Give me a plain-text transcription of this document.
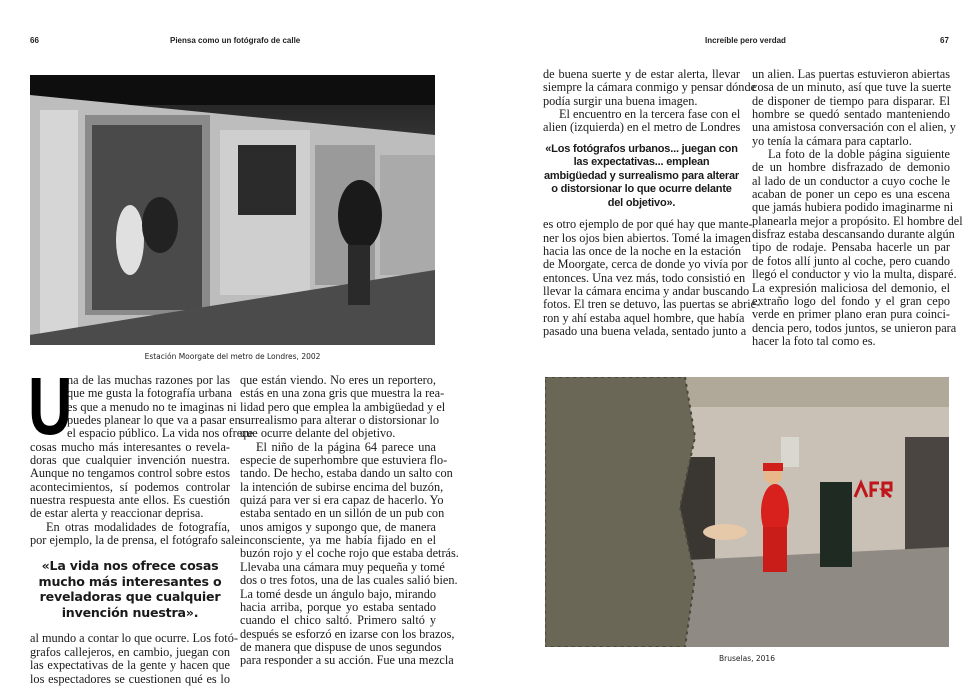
66	Piensa como un fotógrafo de calle
Estación Moorgate del metro de Londres, 2002
U
na de las muchas razones por las
que me gusta la fotografía urbana
es que a menudo no te imaginas ni
puedes planear lo que va a pasar en
el espacio público. La vida nos ofrece
cosas mucho más interesantes o revela-
doras que cualquier invención nuestra.
Aunque no tengamos control sobre estos
acontecimientos, sí podemos controlar
nuestra respuesta ante ellos. Es cuestión
de estar alerta y reaccionar deprisa.
En otras modalidades de fotografía,
por ejemplo, la de prensa, el fotógrafo sale
«La vida nos ofrece cosas mucho más interesantes o reveladoras que cualquier invención nuestra».
al mundo a contar lo que ocurre. Los fotó-
grafos callejeros, en cambio, juegan con
las expectativas de la gente y hacen que
los espectadores se cuestionen qué es lo
que están viendo. No eres un reportero,
estás en una zona gris que muestra la rea-
lidad pero que emplea la ambigüedad y el
surrealismo para alterar o distorsionar lo
que ocurre delante del objetivo.
El niño de la página 64 parece una
especie de superhombre que estuviera flo-
tando. De hecho, estaba dando un salto con
la intención de subirse encima del buzón,
quizá para ver si era capaz de hacerlo. Yo
estaba sentado en un sillón de un pub con
unos amigos y supongo que, de manera
inconsciente, ya me había fijado en el
buzón rojo y el coche rojo que estaba detrás.
Llevaba una cámara muy pequeña y tomé
dos o tres fotos, una de las cuales salió bien.
La tomé desde un ángulo bajo, mirando
hacia arriba, porque yo estaba sentado
cuando el chico saltó. Primero saltó y
después se esforzó en izarse con los brazos,
de manera que dispuse de unos segundos
para responder a su acción. Fue una mezcla
Increíble pero verdad	67
de buena suerte y de estar alerta, llevar
siempre la cámara conmigo y pensar dónde
podía surgir una buena imagen.
El encuentro en la tercera fase con el
alien (izquierda) en el metro de Londres
«Los fotógrafos urbanos... juegan con las expectativas... emplean ambigüedad y surrealismo para alterar o distorsionar lo que ocurre delante del objetivo».
es otro ejemplo de por qué hay que mante-
ner los ojos bien abiertos. Tomé la imagen
hacia las once de la noche en la estación
de Moorgate, cerca de donde yo vivía por
entonces. Una vez más, todo consistió en
llevar la cámara encima y andar buscando
fotos. El tren se detuvo, las puertas se abrie-
ron y ahí estaba aquel hombre, que había
pasado una buena velada, sentado junto a
un alien. Las puertas estuvieron abiertas
cosa de un minuto, así que tuve la suerte
de disponer de tiempo para disparar. El
hombre se quedó sentado manteniendo
una amistosa conversación con el alien, y
yo tenía la cámara para captarlo.
La foto de la doble página siguiente
de un hombre disfrazado de demonio
al lado de un conductor a cuyo coche le
acaban de poner un cepo es una escena
que jamás hubiera podido imaginarme ni
planearla mejor a propósito. El hombre del
disfraz estaba descansando durante algún
tipo de rodaje. Pensaba hacerle un par
de fotos allí junto al coche, pero cuando
llegó el conductor y vio la multa, disparé.
La expresión maliciosa del demonio, el
extraño logo del fondo y el gran cepo
verde en primer plano eran pura coinci-
dencia pero, todos juntos, se unieron para
hacer la foto tal como es.
Bruselas, 2016
